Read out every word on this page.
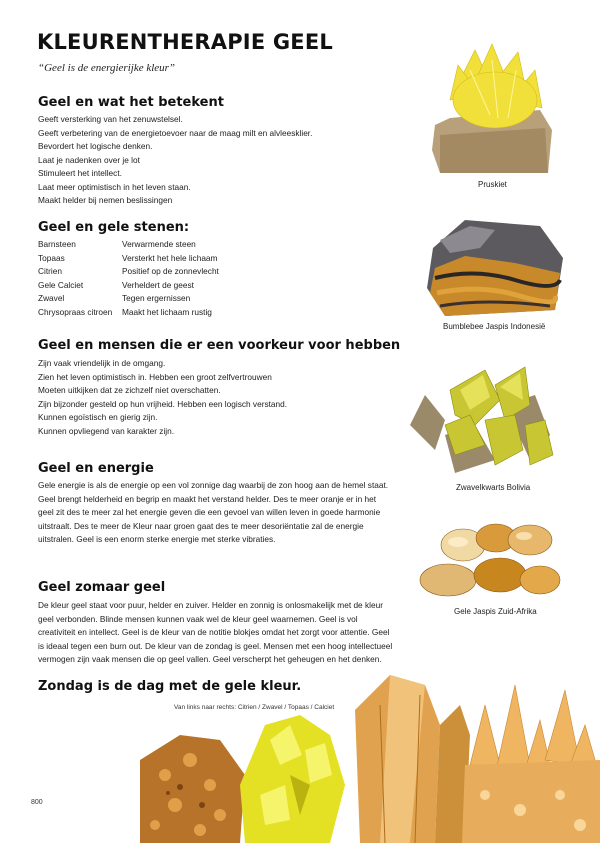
KLEURENTHERAPIE GEEL

“Geel is de energierijke kleur”

Geel en wat het betekent
Geeft versterking van het zenuwstelsel.
Geeft verbetering van de energietoevoer naar de maag milt en alvleesklier.
Bevordert het logische denken.
Laat je nadenken over je lot
Stimuleert het intellect.
Laat meer optimistisch in het leven staan.
Maakt helder bij nemen beslissingen
Geel en gele stenen:
Barnsteen	Verwarmende steen
Topaas	Versterkt het hele lichaam
Citrien	Positief op de zonnevlecht
Gele Calciet	Verheldert de geest
Zwavel	Tegen ergernissen
Chrysopraas citroen	Maakt het lichaam rustig
Geel en mensen die er een voorkeur voor hebben
Zijn vaak vriendelijk in de omgang.
Zien het leven optimistisch in. Hebben een groot zelfvertrouwen
Moeten uitkijken dat ze zichzelf niet overschatten.
Zijn bijzonder gesteld op hun vrijheid. Hebben een logisch verstand.
Kunnen egoïstisch en gierig zijn.
Kunnen opvliegend van karakter zijn.
Geel en energie

Gele energie is als de energie op een vol zonnige dag waarbij de zon hoog aan de hemel staat. Geel brengt helderheid en begrip en maakt het verstand helder. Des te meer oranje er in het geel zit des te meer zal het energie geven die een gevoel van willen leven in goede harmonie uitstraalt. Des te meer de Kleur naar groen gaat des te meer desoriëntatie zal de energie uitstralen. Geel is een enorm sterke energie met sterke vibraties.

Geel zomaar geel

De kleur geel staat voor puur, helder en zuiver. Helder en zonnig is onlosmakelijk met de kleur geel verbonden. Blinde mensen kunnen vaak wel de kleur geel waarnemen. Geel is vol creativiteit en intellect. Geel is de kleur van de notitie blokjes omdat het zorgt voor attentie. Geel is ideaal tegen een burn out. De kleur van de zondag is geel. Mensen met een hoog intellectueel vermogen zijn vaak mensen die op geel vallen. Geel verscherpt het geheugen en het denken.

Zondag is de dag met de gele kleur.
Van links naar rechts: Citrien / Zwavel / Topaas / Calciet
Pruskiet
Bumblebee Jaspis Indonesië
Zwavelkwarts Bolivia
Gele Jaspis Zuid-Afrika
800
